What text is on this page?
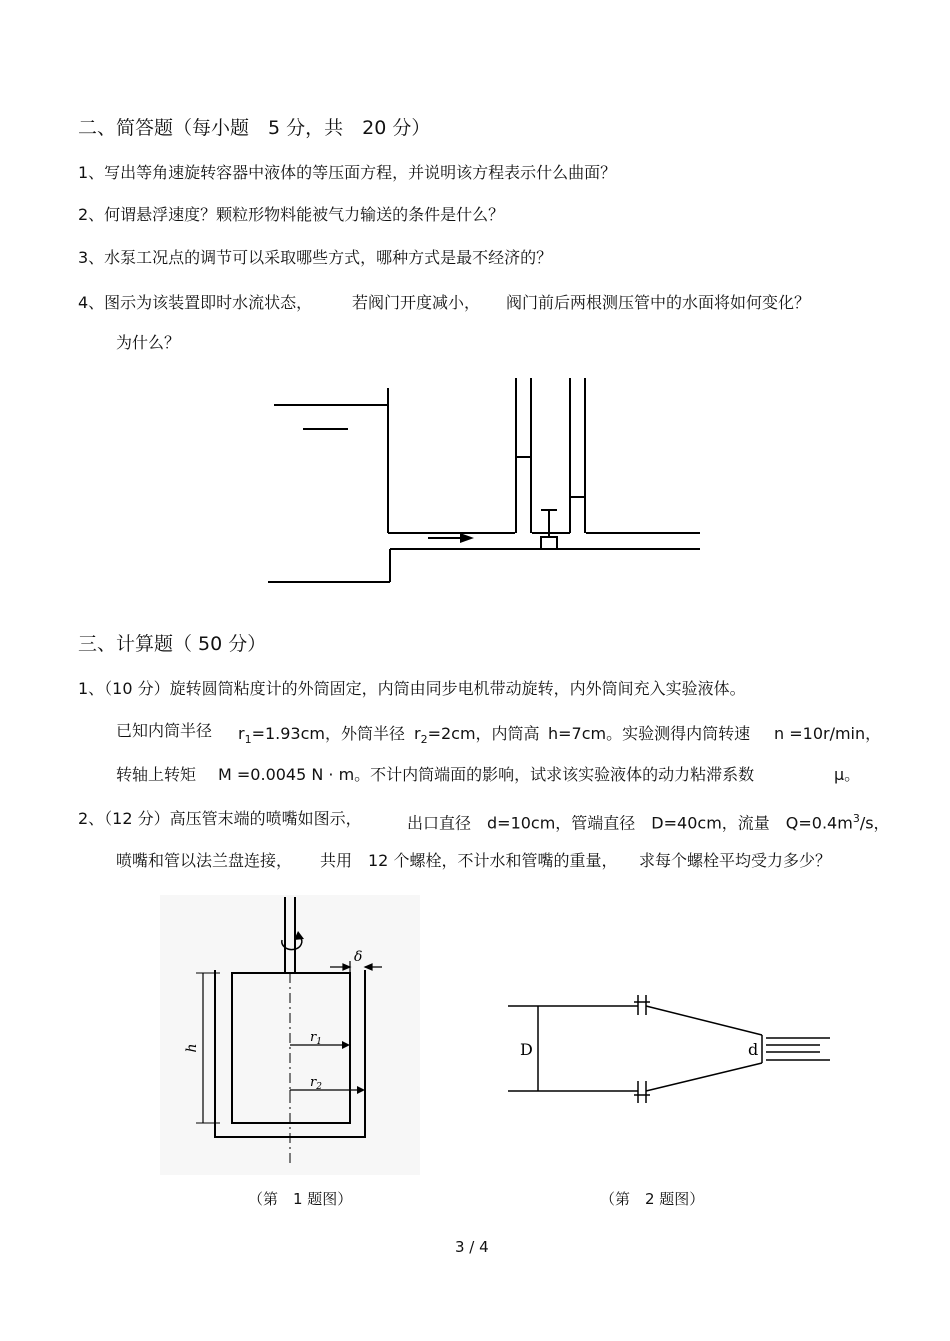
二、简答题（每小题　5 分，共　20 分）
1、写出等角速旋转容器中液体的等压面方程，并说明该方程表示什么曲面？
2、何谓悬浮速度？颗粒形物料能被气力输送的条件是什么？
3、水泵工况点的调节可以采取哪些方式，哪种方式是最不经济的？
4、图示为该装置即时水流状态， 若阀门开度减小， 阀门前后两根测压管中的水面将如何变化？
为什么？
三、计算题（ 50 分）
1、（10 分）旋转圆筒粘度计的外筒固定，内筒由同步电机带动旋转，内外筒间充入实验液体。
已知内筒半径 $r_1=1.93cm$，外筒半径 $r_2=2cm$，内筒高 h=7cm。实验测得内筒转速 n =10r/min，
转轴上转矩 M =0.0045 N · m。不计内筒端面的影响，试求该实验液体的动力粘滞系数	μ。
2、（12 分）高压管末端的喷嘴如图示，	出口直径　d=10cm，管端直径　D=40cm，流量　$Q=0.4m^3/s$，
喷嘴和管以法兰盘连接， 共用　12 个螺栓，不计水和管嘴的重量， 求每个螺栓平均受力多少？
h
δ
$r_1$
$r_2$
D	d
（第　1 题图）	（第　2 题图）
3 / 4
